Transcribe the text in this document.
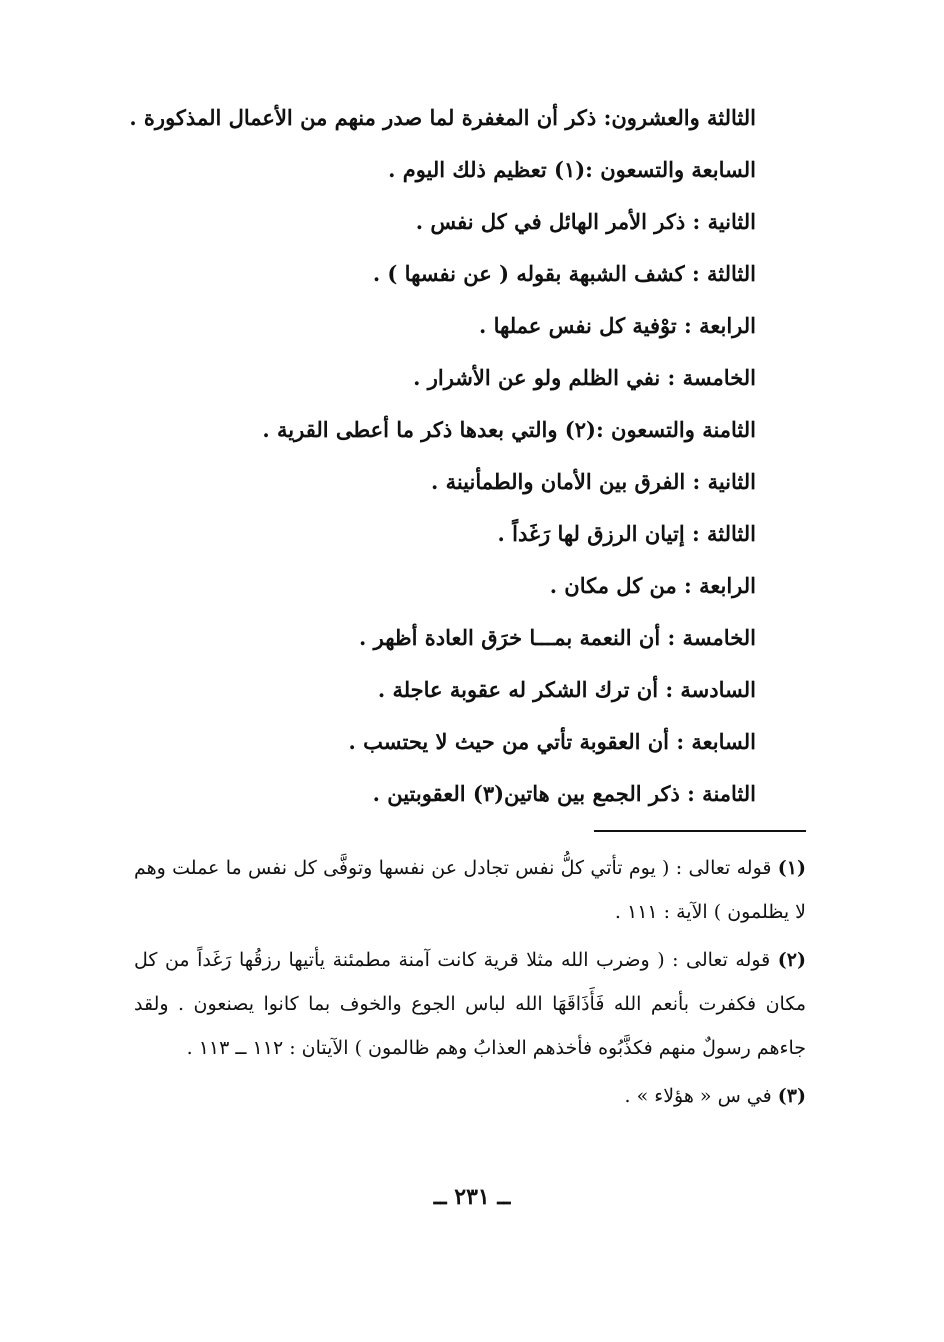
الثالثة والعشرون: ذكر أن المغفرة لما صدر منهم من الأعمال المذكورة .
السابعة والتسعون :(١) تعظيم ذلك اليوم .
الثانية : ذكر الأمر الهائل في كل نفس .
الثالثة : كشف الشبهة بقوله ( عن نفسها ) .
الرابعة : توْفية كل نفس عملها .
الخامسة : نفي الظلم ولو عن الأشرار .
الثامنة والتسعون :(٢) والتي بعدها ذكر ما أعطى القرية .
الثانية : الفرق بين الأمان والطمأنينة .
الثالثة : إتيان الرزق لها رَغَداً .
الرابعة : من كل مكان .
الخامسة : أن النعمة بمـــا خرَق العادة أظهر .
السادسة : أن ترك الشكر له عقوبة عاجلة .
السابعة : أن العقوبة تأتي من حيث لا يحتسب .
الثامنة : ذكر الجمع بين هاتين(٣) العقوبتين .

(١) قوله تعالى : ( يوم تأتي كلُّ نفس تجادل عن نفسها وتوفَّى كل نفس ما عملت وهم لا يظلمون ) الآية : ١١١ .

(٢) قوله تعالى : ( وضرب الله مثلا قرية كانت آمنة مطمئنة يأتيها رزقُها رَغَداً من كل مكان فكفرت بأنعم الله فَأَذَاقَهَا الله لباس الجوع والخوف بما كانوا يصنعون . ولقد جاءهم رسولٌ منهم فكذَّبُوه فأخذهم العذابُ وهم ظالمون ) الآيتان : ١١٢ ــ ١١٣ .

(٣) في س « هؤلاء » .

ــ ٢٣١ ــ
